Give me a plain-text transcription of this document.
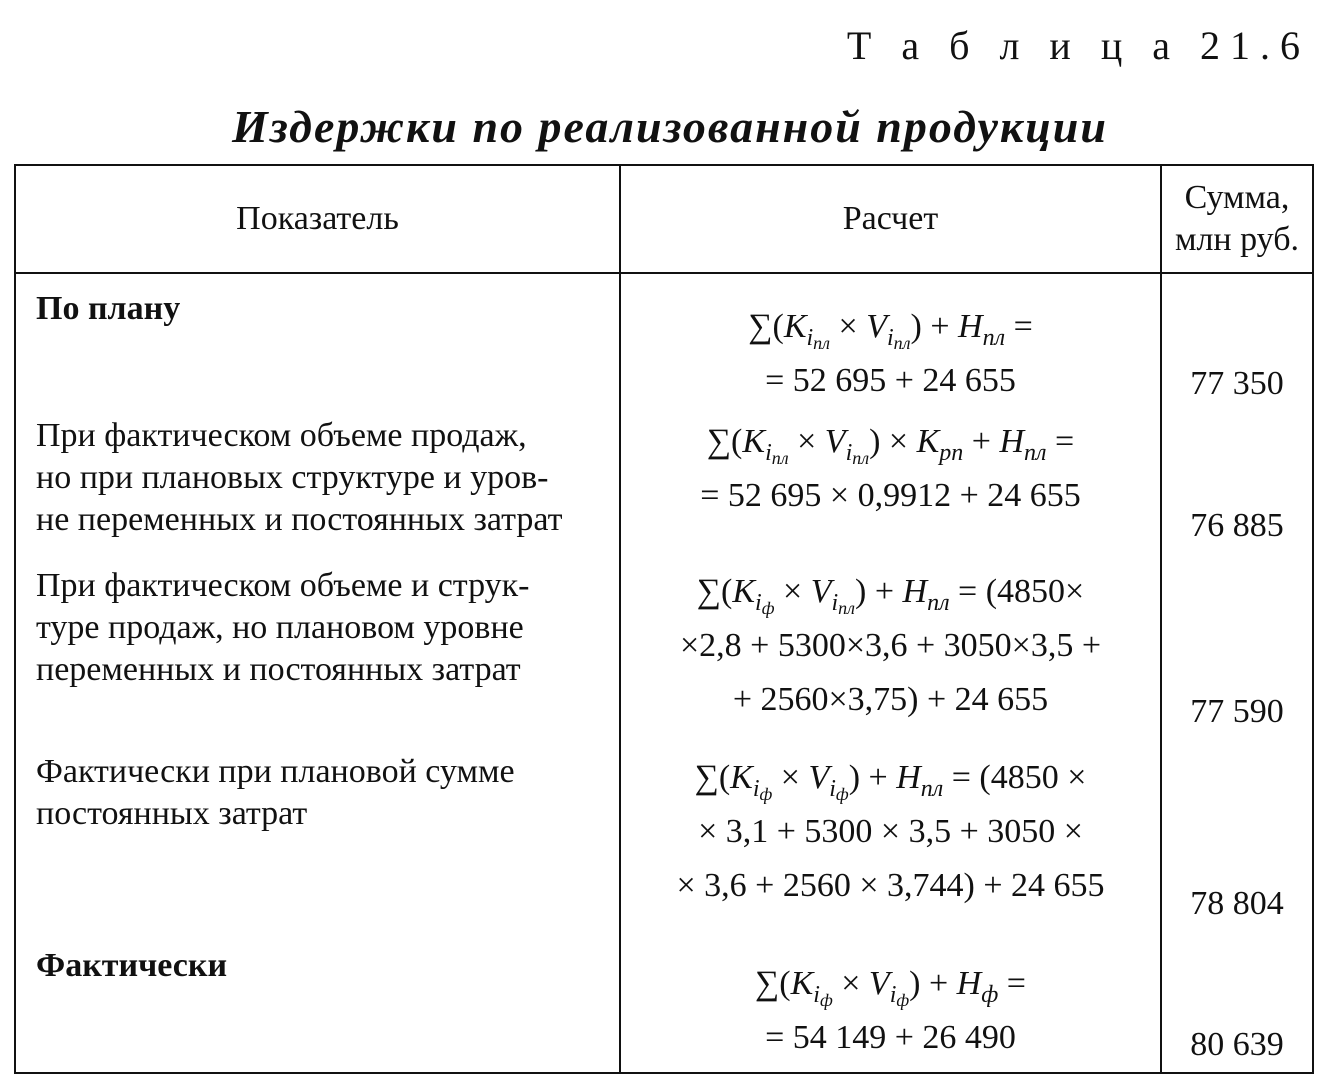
Т а б л и ц а 21.6
Издержки по реализованной продукции
Показатель	Расчет	Сумма,
млн руб.

По плану	$\sum(K_{i_{пл}} \times V_{i_{пл}}) + H_{пл}$ =
= 52 695 + 24 655	77 350

При фактическом объеме продаж,
но при плановых структуре и уров-
не переменных и постоянных затрат	$\sum(K_{i_{пл}} \times V_{i_{пл}}) \times K_{рп} + H_{пл}$ =
= 52 695 × 0,9912 + 24 655	76 885

При фактическом объеме и струк-
туре продаж, но плановом уровне
переменных и постоянных затрат	$\sum(K_{i_ф} \times V_{i_{пл}}) + H_{пл} = (4850\times$
×2,8 + 5300×3,6 + 3050×3,5 +
+ 2560×3,75) + 24 655	77 590

Фактически при плановой сумме
постоянных затрат	$\sum(K_{i_ф} \times V_{i_ф}) + H_{пл} = (4850$ ×
× 3,1 + 5300 × 3,5 + 3050 ×
× 3,6 + 2560 × 3,744) + 24 655	78 804

Фактически	$\sum(K_{i_ф} \times V_{i_ф}) + H_ф$ =
= 54 149 + 26 490	80 639
